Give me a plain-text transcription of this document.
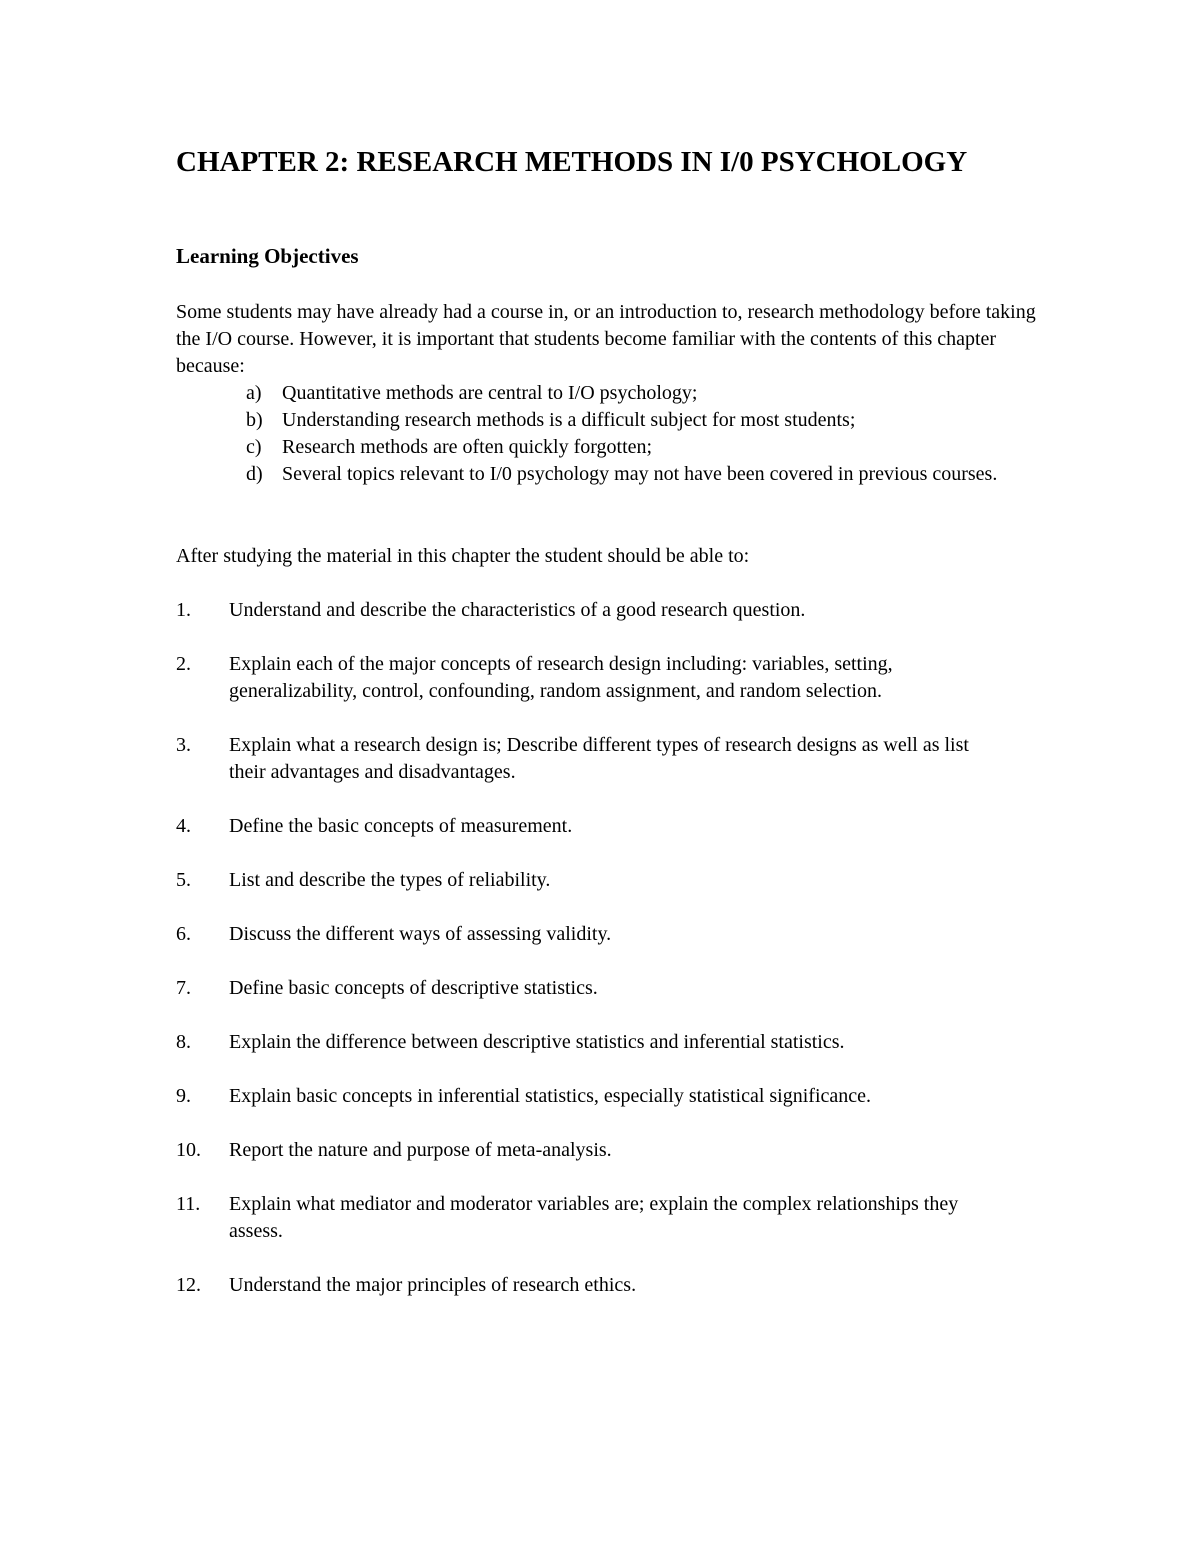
CHAPTER 2: RESEARCH METHODS IN I/0 PSYCHOLOGY
Learning Objectives

Some students may have already had a course in, or an introduction to, research methodology before taking the I/O course. However, it is important that students become familiar with the contents of this chapter because:

a) Quantitative methods are central to I/O psychology;
b) Understanding research methods is a difficult subject for most students;
c) Research methods are often quickly forgotten;
d) Several topics relevant to I/0 psychology may not have been covered in previous courses.

After studying the material in this chapter the student should be able to:

1.	Understand and describe the characteristics of a good research question.
2.	Explain each of the major concepts of research design including: variables, setting, generalizability, control, confounding, random assignment, and random selection.
3.	Explain what a research design is; Describe different types of research designs as well as list their advantages and disadvantages.
4.	Define the basic concepts of measurement.
5.	List and describe the types of reliability.
6.	Discuss the different ways of assessing validity.
7.	Define basic concepts of descriptive statistics.
8.	Explain the difference between descriptive statistics and inferential statistics.
9.	Explain basic concepts in inferential statistics, especially statistical significance.
10.	Report the nature and purpose of meta-analysis.
11.	Explain what mediator and moderator variables are; explain the complex relationships they assess.
12.	Understand the major principles of research ethics.
